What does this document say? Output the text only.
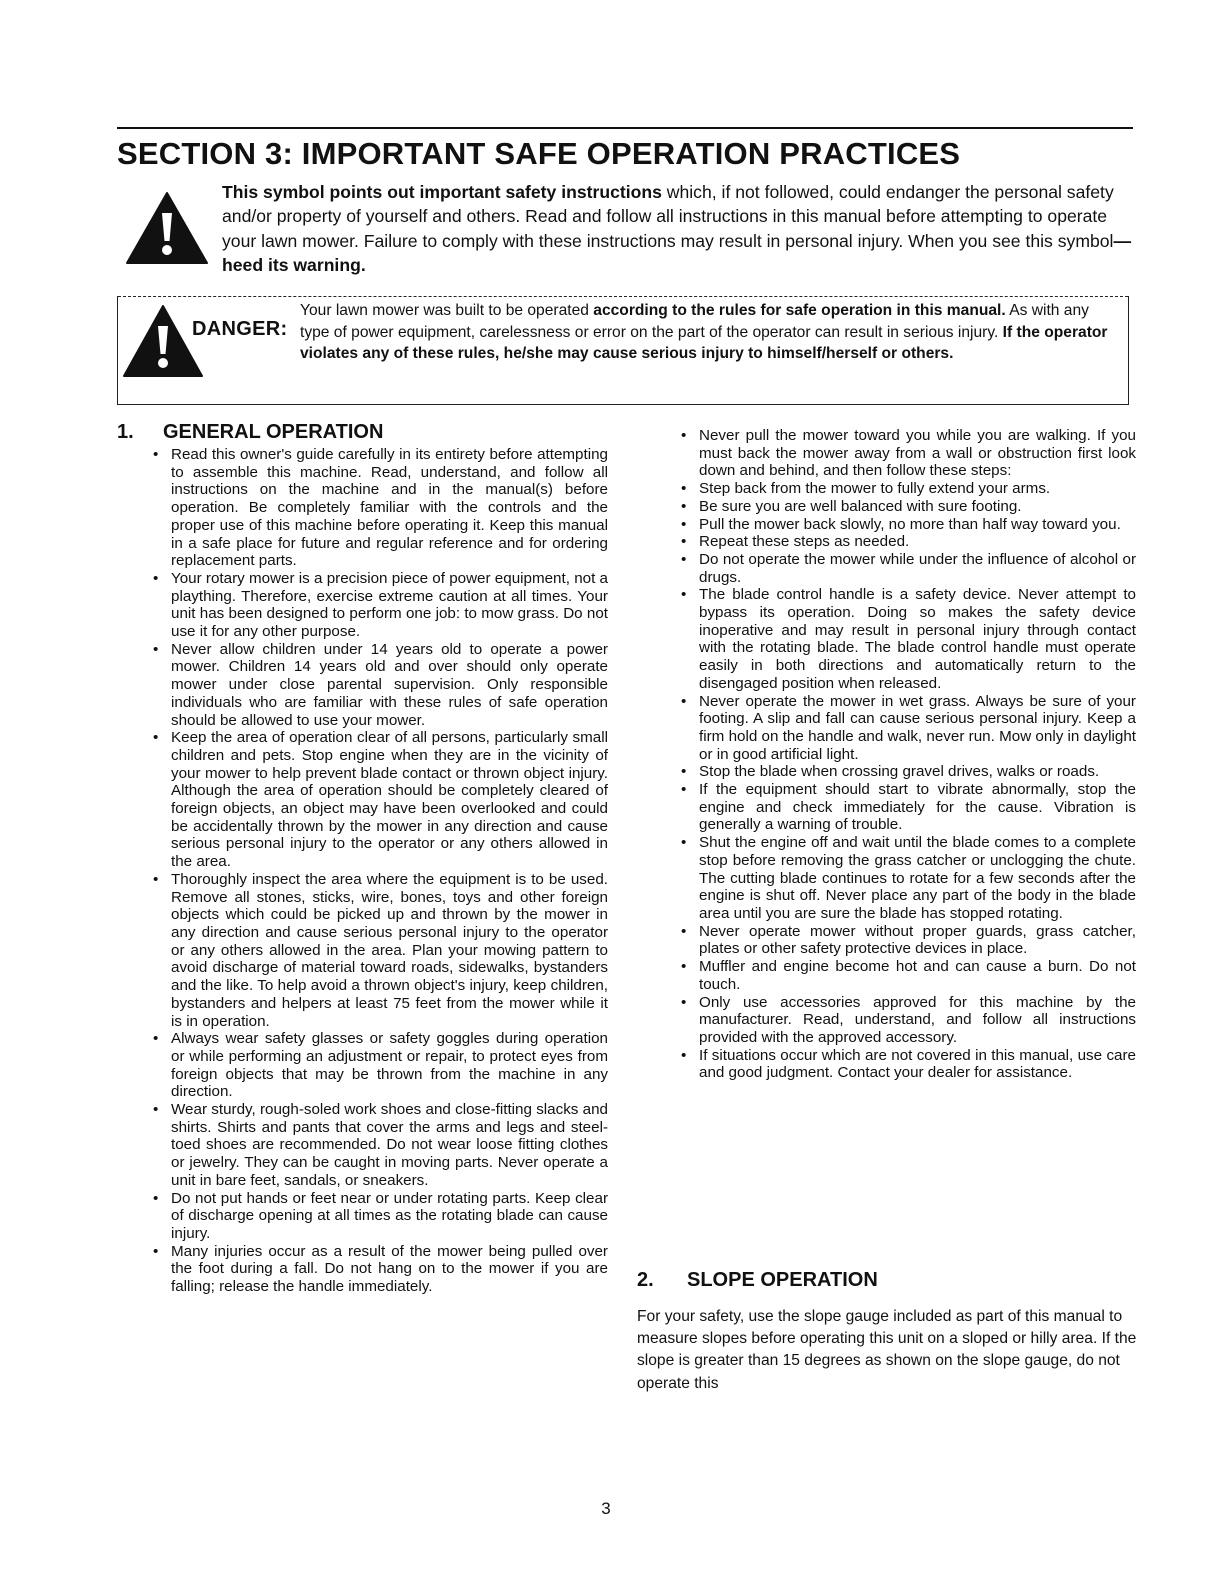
SECTION 3: IMPORTANT SAFE OPERATION PRACTICES

This symbol points out important safety instructions which, if not followed, could endanger the personal safety and/or property of yourself and others. Read and follow all instructions in this manual before attempting to operate your lawn mower. Failure to comply with these instructions may result in personal injury. When you see this symbol—heed its warning.

DANGER:

Your lawn mower was built to be operated according to the rules for safe operation in this manual. As with any type of power equipment, carelessness or error on the part of the operator can result in serious injury. If the operator violates any of these rules, he/she may cause serious injury to himself/herself or others.

1. GENERAL OPERATION
• Read this owner's guide carefully in its entirety before attempting to assemble this machine. Read, understand, and follow all instructions on the machine and in the manual(s) before operation. Be completely familiar with the controls and the proper use of this machine before operating it. Keep this manual in a safe place for future and regular reference and for ordering replacement parts.
• Your rotary mower is a precision piece of power equipment, not a plaything. Therefore, exercise extreme caution at all times. Your unit has been designed to perform one job: to mow grass. Do not use it for any other purpose.
• Never allow children under 14 years old to operate a power mower. Children 14 years old and over should only operate mower under close parental supervision. Only responsible individuals who are familiar with these rules of safe operation should be allowed to use your mower.
• Keep the area of operation clear of all persons, particularly small children and pets. Stop engine when they are in the vicinity of your mower to help prevent blade contact or thrown object injury. Although the area of operation should be completely cleared of foreign objects, an object may have been overlooked and could be accidentally thrown by the mower in any direction and cause serious personal injury to the operator or any others allowed in the area.
• Thoroughly inspect the area where the equipment is to be used. Remove all stones, sticks, wire, bones, toys and other foreign objects which could be picked up and thrown by the mower in any direction and cause serious personal injury to the operator or any others allowed in the area. Plan your mowing pattern to avoid discharge of material toward roads, sidewalks, bystanders and the like. To help avoid a thrown object's injury, keep children, bystanders and helpers at least 75 feet from the mower while it is in operation.
• Always wear safety glasses or safety goggles during operation or while performing an adjustment or repair, to protect eyes from foreign objects that may be thrown from the machine in any direction.
• Wear sturdy, rough-soled work shoes and close-fitting slacks and shirts. Shirts and pants that cover the arms and legs and steel-toed shoes are recommended. Do not wear loose fitting clothes or jewelry. They can be caught in moving parts. Never operate a unit in bare feet, sandals, or sneakers.
• Do not put hands or feet near or under rotating parts. Keep clear of discharge opening at all times as the rotating blade can cause injury.
• Many injuries occur as a result of the mower being pulled over the foot during a fall. Do not hang on to the mower if you are falling; release the handle immediately.
• Never pull the mower toward you while you are walking. If you must back the mower away from a wall or obstruction first look down and behind, and then follow these steps:
• Step back from the mower to fully extend your arms.
• Be sure you are well balanced with sure footing.
• Pull the mower back slowly, no more than half way toward you.
• Repeat these steps as needed.
• Do not operate the mower while under the influence of alcohol or drugs.
• The blade control handle is a safety device. Never attempt to bypass its operation. Doing so makes the safety device inoperative and may result in personal injury through contact with the rotating blade. The blade control handle must operate easily in both directions and automatically return to the disengaged position when released.
• Never operate the mower in wet grass. Always be sure of your footing. A slip and fall can cause serious personal injury. Keep a firm hold on the handle and walk, never run. Mow only in daylight or in good artificial light.
• Stop the blade when crossing gravel drives, walks or roads.
• If the equipment should start to vibrate abnormally, stop the engine and check immediately for the cause. Vibration is generally a warning of trouble.
• Shut the engine off and wait until the blade comes to a complete stop before removing the grass catcher or unclogging the chute. The cutting blade continues to rotate for a few seconds after the engine is shut off. Never place any part of the body in the blade area until you are sure the blade has stopped rotating.
• Never operate mower without proper guards, grass catcher, plates or other safety protective devices in place.
• Muffler and engine become hot and can cause a burn. Do not touch.
• Only use accessories approved for this machine by the manufacturer. Read, understand, and follow all instructions provided with the approved accessory.
• If situations occur which are not covered in this manual, use care and good judgment. Contact your dealer for assistance.
2. SLOPE OPERATION

For your safety, use the slope gauge included as part of this manual to measure slopes before operating this unit on a sloped or hilly area. If the slope is greater than 15 degrees as shown on the slope gauge, do not operate this

3
